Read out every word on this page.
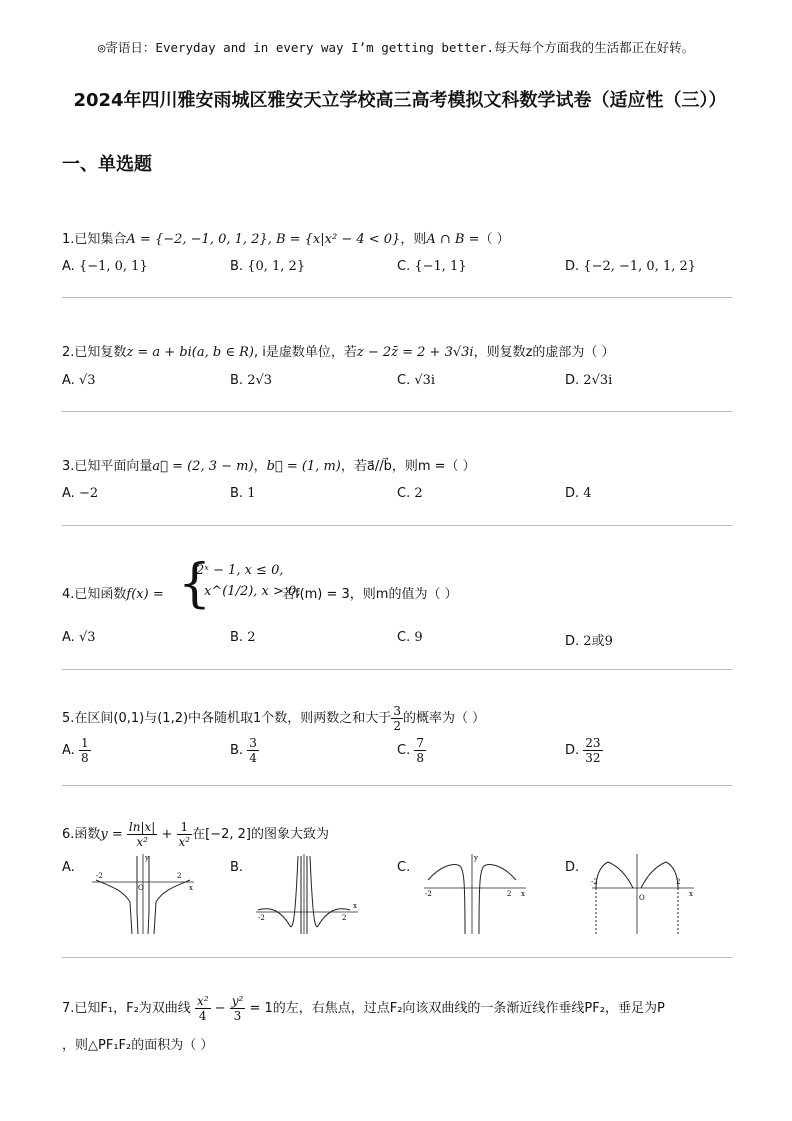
◎寄语日：Everyday and in every way I’m getting better.每天每个方面我的生活都正在好转。
2024年四川雅安雨城区雅安天立学校高三高考模拟文科数学试卷（适应性（三））
一、单选题
1.已知集合A = {−2, −1, 0, 1, 2}, B = {x|x² − 4 < 0}，则A ∩ B =（ ）
A. {−1, 0, 1}	B. {0, 1, 2}	C. {−1, 1}	D. {−2, −1, 0, 1, 2}
2.已知复数z = a + bi(a, b ∈ R), i是虚数单位，若z − 2z̄ = 2 + 3√3i，则复数z的虚部为（ ）
A. √3	B. 2√3	C. √3i	D. 2√3i
3.已知平面向量a⃗ = (2, 3 − m)，b⃗ = (1, m)，若a⃗//b⃗，则m =（ ）
A. −2	B. 1	C. 2	D. 4
4.已知函数f(x) = {
2ˣ − 1, x ≤ 0,
x^(1/2), x > 0,
若f(m) = 3，则m的值为（ ）
A. √3	B. 2	C. 9	D. 2或9
5.在区间(0,1)与(1,2)中各随机取1个数，则两数之和大于 $\frac{3}{2}$ 的概率为（ ）
A. $\frac{1}{8}$	B. $\frac{3}{4}$	C. $\frac{7}{8}$	D. $\frac{23}{32}$
6.函数$y = \frac{\ln|x|}{\text{x²}} + \frac{1}{\text{x²}}$ 在[−2, 2]的图象大致为
A.	B.	C.	D.
x
y
-2	2
O
x
-2	2
x
y
-2	2	x
-2	2
O
7.已知F₁，F₂为双曲线 $\frac{\text{x²}}{4} - \frac{\text{y²}}{3} = 1$的左，右焦点，过点F₂向该双曲线的一条渐近线作垂线PF₂，垂足为P
，则△PF₁F₂的面积为（ ）
